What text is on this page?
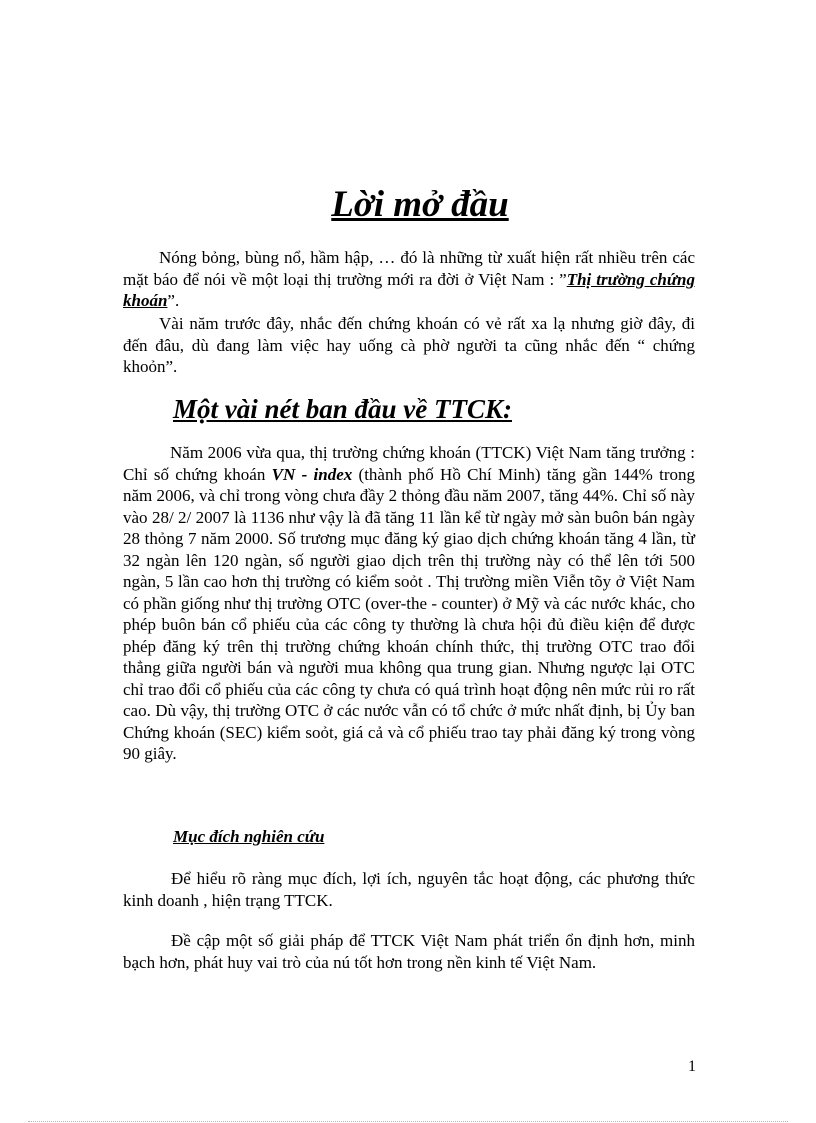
Lời mở đầu

Nóng bỏng, bùng nổ, hầm hập, … đó là những từ xuất hiện rất nhiều trên các mặt báo để nói về một loại thị trường mới ra đời ở Việt Nam : ”Thị trường chứng khoán”.

Vài năm trước đây, nhắc đến chứng khoán có vẻ rất xa lạ nhưng giờ đây, đi đến đâu, dù đang làm việc hay uống cà phờ người ta cũng nhắc đến “ chứng khoỏn”.

Một vài nét ban đầu về TTCK:

Năm 2006 vừa qua, thị trường chứng khoán (TTCK) Việt Nam tăng trưởng : Chỉ số chứng khoán VN - index (thành phố Hồ Chí Minh) tăng gần 144% trong năm 2006, và chỉ trong vòng chưa đầy 2 thỏng đầu năm 2007, tăng 44%. Chỉ số này vào 28/ 2/ 2007 là 1136 như vậy là đã tăng 11 lần kể từ ngày mở sàn buôn bán ngày 28 thỏng 7 năm 2000. Số trương mục đăng ký giao dịch chứng khoán tăng 4 lần, từ 32 ngàn lên 120 ngàn, số người giao dịch trên thị trường này có thể lên tới 500 ngàn, 5 lần cao hơn thị trường có kiểm soỏt . Thị trường miền Viễn tõy ở Việt Nam có phần giống như thị trường OTC (over-the - counter) ở Mỹ và các nước khác, cho phép buôn bán cổ phiếu của các công ty thường là chưa hội đủ điều kiện để được phép đăng ký trên thị trường chứng khoán chính thức, thị trường OTC trao đổi thẳng giữa người bán và người mua không qua trung gian. Nhưng ngược lại OTC chỉ trao đổi cổ phiếu của các công ty chưa có quá trình hoạt động nên mức rủi ro rất cao. Dù vậy, thị trường OTC ở các nước vẫn có tổ chức ở mức nhất định, bị Ủy ban Chứng khoán (SEC) kiểm soỏt, giá cả và cổ phiếu trao tay phải đăng ký trong vòng 90 giây.

Mục đích nghiên cứu

Để hiểu rõ ràng mục đích, lợi ích, nguyên tắc hoạt động, các phương thức kinh doanh , hiện trạng TTCK.

Đề cập một số giải pháp để TTCK Việt Nam phát triển ổn định hơn, minh bạch hơn, phát huy vai trò của nú tốt hơn trong nền kinh tế Việt Nam.

1
